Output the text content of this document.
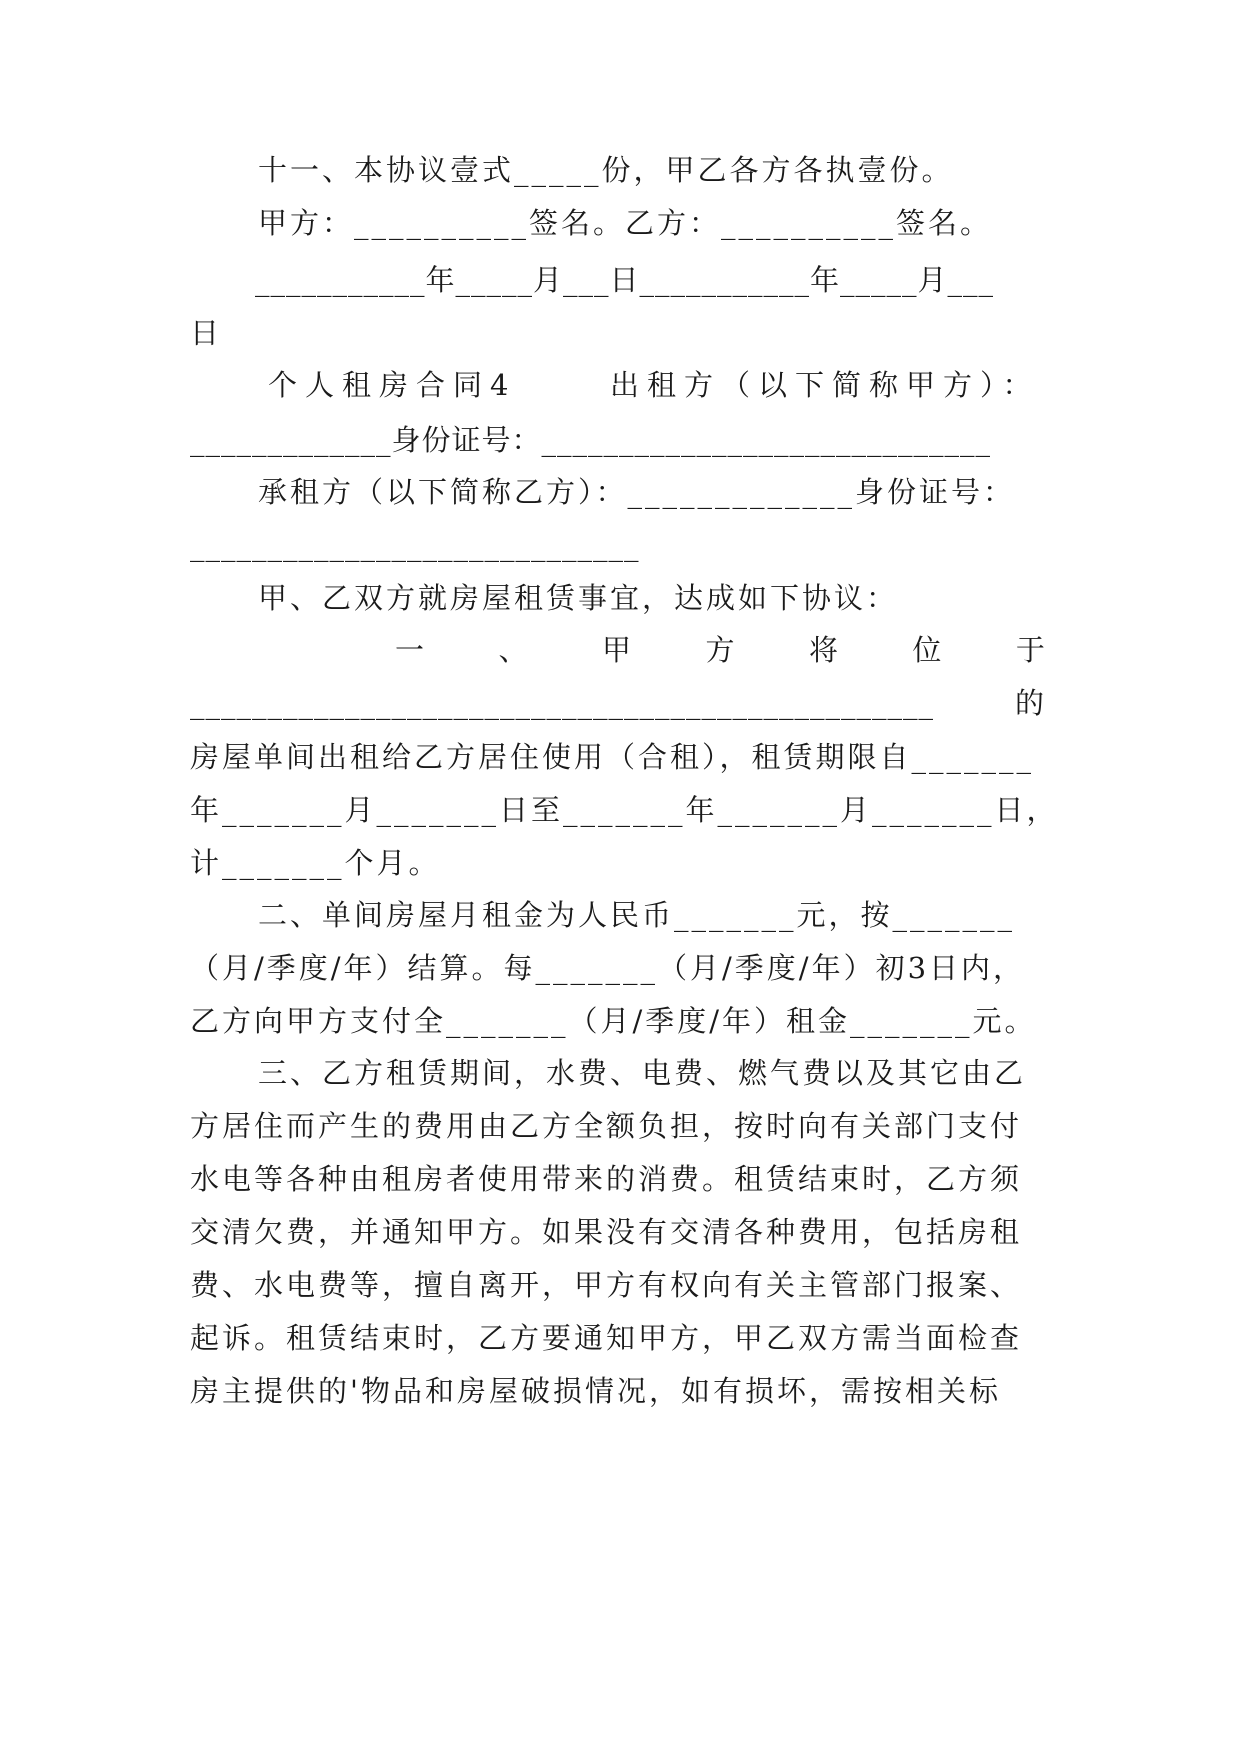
十一、本协议壹式_____份，甲乙各方各执壹份。
甲方：__________签名。乙方：__________签名。
___________年_____月___日___________年_____月___
日
个人租房合同4	出租方（以下简称甲方）：
_____________身份证号：_____________________________
承租方（以下简称乙方）：_____________身份证号：
_____________________________
甲、乙双方就房屋租赁事宜，达成如下协议：
一	、	甲	方	将	位	于
________________________________________________	的
房屋单间出租给乙方居住使用（合租），租赁期限自_______
年_______月_______日至_______年_______月_______日，
计_______个月。
二、单间房屋月租金为人民币_______元，按_______
（月/季度/年）结算。每_______（月/季度/年）初3日内，
乙方向甲方支付全_______（月/季度/年）租金_______元。
三、乙方租赁期间，水费、电费、燃气费以及其它由乙
方居住而产生的费用由乙方全额负担，按时向有关部门支付
水电等各种由租房者使用带来的消费。租赁结束时，乙方须
交清欠费，并通知甲方。如果没有交清各种费用，包括房租
费、水电费等，擅自离开，甲方有权向有关主管部门报案、
起诉。租赁结束时，乙方要通知甲方，甲乙双方需当面检查
房主提供的'物品和房屋破损情况，如有损坏，需按相关标
